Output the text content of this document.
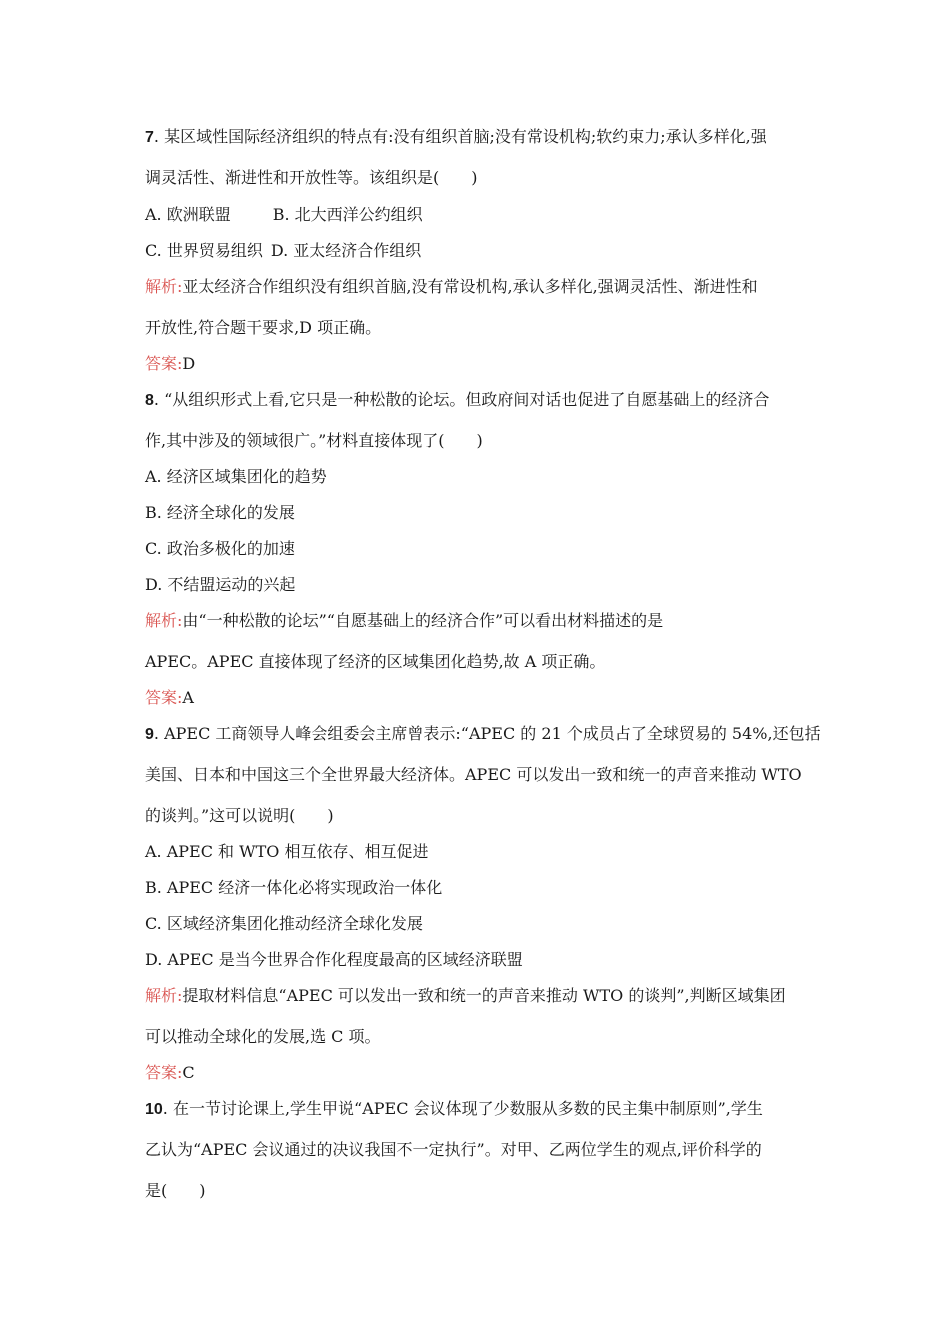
7. 某区域性国际经济组织的特点有:没有组织首脑;没有常设机构;软约束力;承认多样化,强
调灵活性、渐进性和开放性等。该组织是(　　)
A. 欧洲联盟	B. 北大西洋公约组织
C. 世界贸易组织 D. 亚太经济合作组织
解析:亚太经济合作组织没有组织首脑,没有常设机构,承认多样化,强调灵活性、渐进性和
开放性,符合题干要求,D 项正确。
答案:D
8. “从组织形式上看,它只是一种松散的论坛。但政府间对话也促进了自愿基础上的经济合
作,其中涉及的领域很广。”材料直接体现了(　　)
A. 经济区域集团化的趋势
B. 经济全球化的发展
C. 政治多极化的加速
D. 不结盟运动的兴起
解析:由“一种松散的论坛”“自愿基础上的经济合作”可以看出材料描述的是
APEC。APEC 直接体现了经济的区域集团化趋势,故 A 项正确。
答案:A
9. APEC 工商领导人峰会组委会主席曾表示:“APEC 的 21 个成员占了全球贸易的 54%,还包括
美国、日本和中国这三个全世界最大经济体。APEC 可以发出一致和统一的声音来推动 WTO
的谈判。”这可以说明(　　)
A. APEC 和 WTO 相互依存、相互促进
B. APEC 经济一体化必将实现政治一体化
C. 区域经济集团化推动经济全球化发展
D. APEC 是当今世界合作化程度最高的区域经济联盟
解析:提取材料信息“APEC 可以发出一致和统一的声音来推动 WTO 的谈判”,判断区域集团
可以推动全球化的发展,选 C 项。
答案:C
10. 在一节讨论课上,学生甲说“APEC 会议体现了少数服从多数的民主集中制原则”,学生
乙认为“APEC 会议通过的决议我国不一定执行”。对甲、乙两位学生的观点,评价科学的
是(　　)
